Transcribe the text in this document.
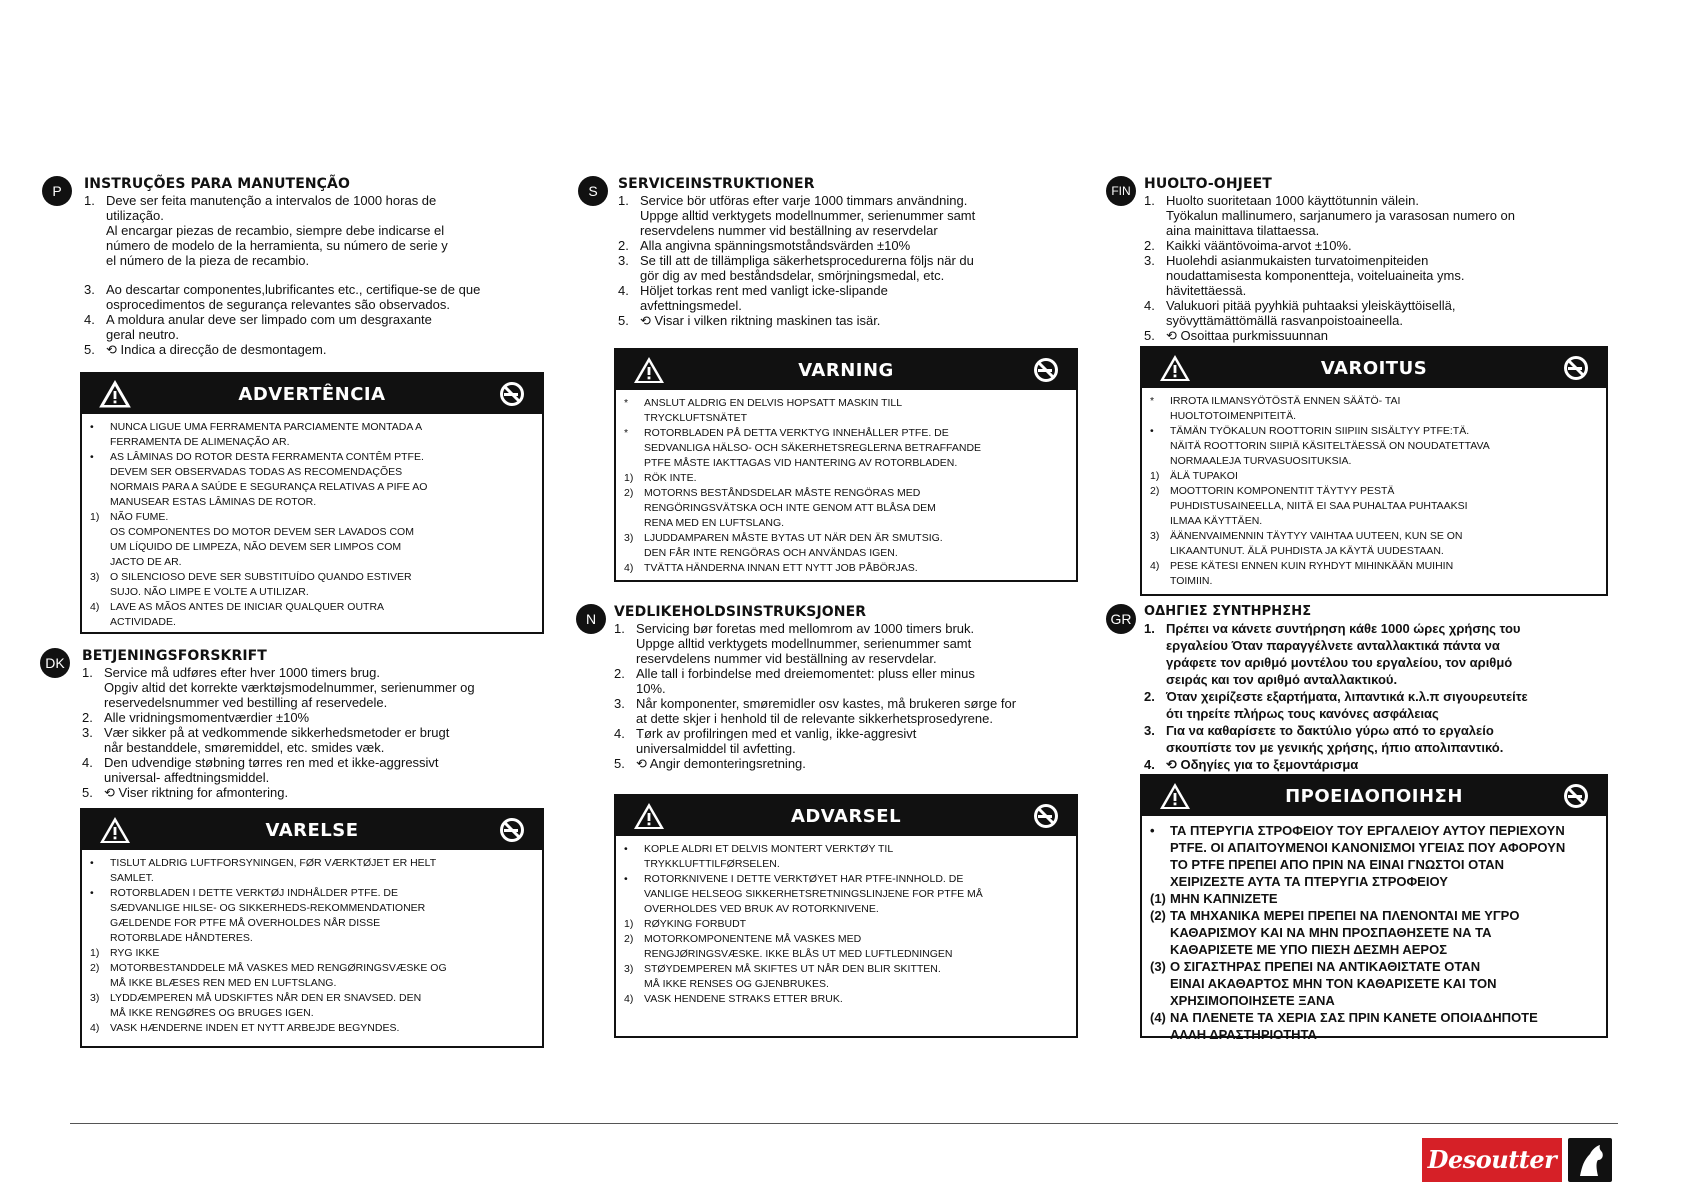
P	INSTRUÇÕES PARA MANUTENÇÃO
1. Deve ser feita manutenção a intervalos de 1000 horas de
utilização.
Al encargar piezas de recambio, siempre debe indicarse el
número de modelo de la herramienta, su número de serie y
el número de la pieza de recambio.
3. Ao descartar componentes,lubrificantes etc., certifique-se de que
osprocedimentos de segurança relevantes são observados.
4. A moldura anular deve ser limpado com um desgraxante
geral neutro.
5. ⟲ Indica a direcção de desmontagem.
ADVERTÊNCIA
•	NUNCA LIGUE UMA FERRAMENTA PARCIAMENTE MONTADA A
FERRAMENTA DE ALIMENAÇÃO AR.
•	AS LÂMINAS DO ROTOR DESTA FERRAMENTA CONTÊM PTFE.
DEVEM SER OBSERVADAS TODAS AS RECOMENDAÇÕES
NORMAIS PARA A SAÚDE E SEGURANÇA RELATIVAS A PIFE AO
MANUSEAR ESTAS LÂMINAS DE ROTOR.
1)	NÃO FUME.
OS COMPONENTES DO MOTOR DEVEM SER LAVADOS COM
UM LÍQUIDO DE LIMPEZA, NÃO DEVEM SER LIMPOS COM
JACTO DE AR.
3)	O SILENCIOSO DEVE SER SUBSTITUÍDO QUANDO ESTIVER
SUJO. NÃO LIMPE E VOLTE A UTILIZAR.
4)	LAVE AS MÃOS ANTES DE INICIAR QUALQUER OUTRA
ACTIVIDADE.
DK	BETJENINGSFORSKRIFT
1. Service må udføres efter hver 1000 timers brug.
Opgiv altid det korrekte værktøjsmodelnummer, serienummer og
reservedelsnummer ved bestilling af reservedele.
2. Alle vridningsmomentværdier ±10%
3. Vær sikker på at vedkommende sikkerhedsmetoder er brugt
når bestanddele, smøremiddel, etc. smides væk.
4. Den udvendige støbning tørres ren med et ikke-aggressivt
universal- affedtningsmiddel.
5. ⟲ Viser riktning for afmontering.
VARELSE
•	TISLUT ALDRIG LUFTFORSYNINGEN, FØR VÆRKTØJET ER HELT
SAMLET.
•	ROTORBLADEN I DETTE VERKTØJ INDHÅLDER PTFE. DE
SÆDVANLIGE HILSE- OG SIKKERHEDS-REKOMMENDATIONER
GÆLDENDE FOR PTFE MÅ OVERHOLDES NÅR DISSE
ROTORBLADE HÅNDTERES.
1)	RYG IKKE
2)	MOTORBESTANDDELE MÅ VASKES MED RENGØRINGSVÆSKE OG
MÅ IKKE BLÆSES REN MED EN LUFTSLANG.
3)	LYDDÆMPEREN MÅ UDSKIFTES NÅR DEN ER SNAVSED. DEN
MÅ IKKE RENGØRES OG BRUGES IGEN.
4)	VASK HÆNDERNE INDEN ET NYTT ARBEJDE BEGYNDES.
S	SERVICEINSTRUKTIONER
1. Service bör utföras efter varje 1000 timmars användning.
Uppge alltid verktygets modellnummer, serienummer samt
reservdelens nummer vid beställning av reservdelar
2. Alla angivna spänningsmotståndsvärden ±10%
3. Se till att de tillämpliga säkerhetsprocedurerna följs när du
gör dig av med beståndsdelar, smörjningsmedal, etc.
4. Höljet torkas rent med vanligt icke-slipande
avfettningsmedel.
5. ⟲ Visar i vilken riktning maskinen tas isär.
VARNING
*	ANSLUT ALDRIG EN DELVIS HOPSATT MASKIN TILL
TRYCKLUFTSNÄTET
*	ROTORBLADEN PÅ DETTA VERKTYG INNEHÅLLER PTFE. DE
SEDVANLIGA HÄLSO- OCH SÄKERHETSREGLERNA BETRAFFANDE
PTFE MÅSTE IAKTTAGAS VID HANTERING AV ROTORBLADEN.
1)	RÖK INTE.
2)	MOTORNS BESTÅNDSDELAR MÅSTE RENGÖRAS MED
RENGÖRINGSVÄTSKA OCH INTE GENOM ATT BLÅSA DEM
RENA MED EN LUFTSLANG.
3)	LJUDDAMPAREN MÅSTE BYTAS UT NÄR DEN ÄR SMUTSIG.
DEN FÅR INTE RENGÖRAS OCH ANVÄNDAS IGEN.
4)	TVÄTTA HÄNDERNA INNAN ETT NYTT JOB PÅBÖRJAS.
N	VEDLIKEHOLDSINSTRUKSJONER
1. Servicing bør foretas med mellomrom av 1000 timers bruk.
Uppge alltid verktygets modellnummer, serienummer samt
reservdelens nummer vid beställning av reservdelar.
2. Alle tall i forbindelse med dreiemomentet: pluss eller minus
10%.
3. Når komponenter, smøremidler osv kastes, må brukeren sørge for
at dette skjer i henhold til de relevante sikkerhetsprosedyrene.
4. Tørk av profilringen med et vanlig, ikke-aggresivt
universalmiddel til avfetting.
5. ⟲ Angir demonteringsretning.
ADVARSEL
•	KOPLE ALDRI ET DELVIS MONTERT VERKTØY TIL
TRYKKLUFTTILFØRSELEN.
•	ROTORKNIVENE I DETTE VERKTØYET HAR PTFE-INNHOLD. DE
VANLIGE HELSEOG SIKKERHETSRETNINGSLINJENE FOR PTFE MÅ
OVERHOLDES VED BRUK AV ROTORKNIVENE.
1)	RØYKING FORBUDT
2)	MOTORKOMPONENTENE MÅ VASKES MED
RENGJØRINGSVÆSKE. IKKE BLÅS UT MED LUFTLEDNINGEN
3)	STØYDEMPEREN MÅ SKIFTES UT NÅR DEN BLIR SKITTEN.
MÅ IKKE RENSES OG GJENBRUKES.
4)	VASK HENDENE STRAKS ETTER BRUK.
FIN HUOLTO-OHJEET
1. Huolto suoritetaan 1000 käyttötunnin välein.
Työkalun mallinumero, sarjanumero ja varasosan numero on
aina mainittava tilattaessa.
2. Kaikki vääntövoima-arvot ±10%.
3. Huolehdi asianmukaisten turvatoimenpiteiden
noudattamisesta komponentteja, voiteluaineita yms.
hävitettäessä.
4. Valukuori pitää pyyhkiä puhtaaksi yleiskäyttöisellä,
syövyttämättömällä rasvanpoistoaineella.
5. ⟲ Osoittaa purkmissuunnan
VAROITUS
*	IRROTA ILMANSYÖTÖSTÄ ENNEN SÄÄTÖ- TAI
HUOLTOTOIMENPITEITÄ.
•	TÄMÄN TYÖKALUN ROOTTORIN SIIPIIN SISÄLTYY PTFE:TÄ.
NÄITÄ ROOTTORIN SIIPIÄ KÄSITELTÄESSÄ ON NOUDATETTAVA
NORMAALEJA TURVASUOSITUKSIA.
1)	ÄLÄ TUPAKOI
2)	MOOTTORIN KOMPONENTIT TÄYTYY PESTÄ
PUHDISTUSAINEELLA, NIITÄ EI SAA PUHALTAA PUHTAAKSI
ILMAA KÄYTTÄEN.
3)	ÄÄNENVAIMENNIN TÄYTYY VAIHTAA UUTEEN, KUN SE ON
LIKAANTUNUT. ÄLÄ PUHDISTA JA KÄYTÄ UUDESTAAN.
4)	PESE KÄTESI ENNEN KUIN RYHDYT MIHINKÄÄN MUIHIN
TOIMIIN.
GR ΟΔΗΓΙΕΣ ΣΥΝΤΗΡΗΣΗΣ
1. Πρέπει να κάνετε συντήρηση κάθε 1000 ώρες χρήσης του
εργαλείου Όταν παραγγέλνετε ανταλλακτικά πάντα να
γράφετε τον αριθμό μοντέλου του εργαλείου, τον αριθμό
σειράς και τον αριθμό ανταλλακτικού.
2. Όταν χειρίζεστε εξαρτήματα, λιπαντικά κ.λ.π σιγουρευτείτε
ότι τηρείτε πλήρως τους κανόνες ασφάλειας
3. Για να καθαρίσετε το δακτύλιο γύρω από το εργαλείο
σκουπίστε τον με γενικής χρήσης, ήπιο απολιπαντικό.
4. ⟲ Οδηγίες για το ξεμοντάρισμα
ΠΡΟΕΙΔΟΠΟΙΗΣΗ
•	ΤΑ ΠΤΕΡΥΓΙΑ ΣΤΡΟΦΕΙΟΥ ΤΟΥ ΕΡΓΑΛΕΙΟΥ ΑΥΤΟΥ ΠΕΡΙΕΧΟΥΝ
PTFE. ΟΙ ΑΠΑΙΤΟΥΜΕΝΟΙ ΚΑΝΟΝΙΣΜΟΙ ΥΓΕΙΑΣ ΠΟΥ ΑΦΟΡΟΥΝ
ΤΟ PTFE ΠΡΕΠΕΙ ΑΠΟ ΠΡΙΝ ΝΑ ΕΙΝΑΙ ΓΝΩΣΤΟΙ ΟΤΑΝ
ΧΕΙΡΙΖΕΣΤΕ ΑΥΤΑ ΤΑ ΠΤΕΡΥΓΙΑ ΣΤΡΟΦΕΙΟΥ
(1) ΜΗΝ ΚΑΠΝΙΖΕΤΕ
(2) ΤΑ ΜΗΧΑΝΙΚΑ ΜΕΡΕΙ ΠΡΕΠΕΙ ΝΑ ΠΛΕΝΟΝΤΑΙ ΜΕ ΥΓΡΟ
ΚΑΘΑΡΙΣΜΟΥ ΚΑΙ ΝΑ ΜΗΝ ΠΡΟΣΠΑΘΗΣΕΤΕ ΝΑ ΤΑ
ΚΑΘΑΡΙΣΕΤΕ ΜΕ ΥΠΟ ΠΙΕΣΗ ΔΕΣΜΗ ΑΕΡΟΣ
(3) Ο ΣΙΓΑΣΤΗΡΑΣ ΠΡΕΠΕΙ ΝΑ ΑΝΤΙΚΑΘΙΣΤΑΤΕ ΟΤΑΝ
ΕΙΝΑΙ ΑΚΑΘΑΡΤΟΣ ΜΗΝ ΤΟΝ ΚΑΘΑΡΙΣΕΤΕ ΚΑΙ ΤΟΝ
ΧΡΗΣΙΜΟΠΟΙΗΣΕΤΕ ΞΑΝΑ
(4) ΝΑ ΠΛΕΝΕΤΕ ΤΑ ΧΕΡΙΑ ΣΑΣ ΠΡΙΝ ΚΑΝΕΤΕ ΟΠΟΙΑΔΗΠΟΤΕ
ΑΛΛΗ ΔΡΑΣΤΗΡΙΟΤΗΤΑ
Desoutter
